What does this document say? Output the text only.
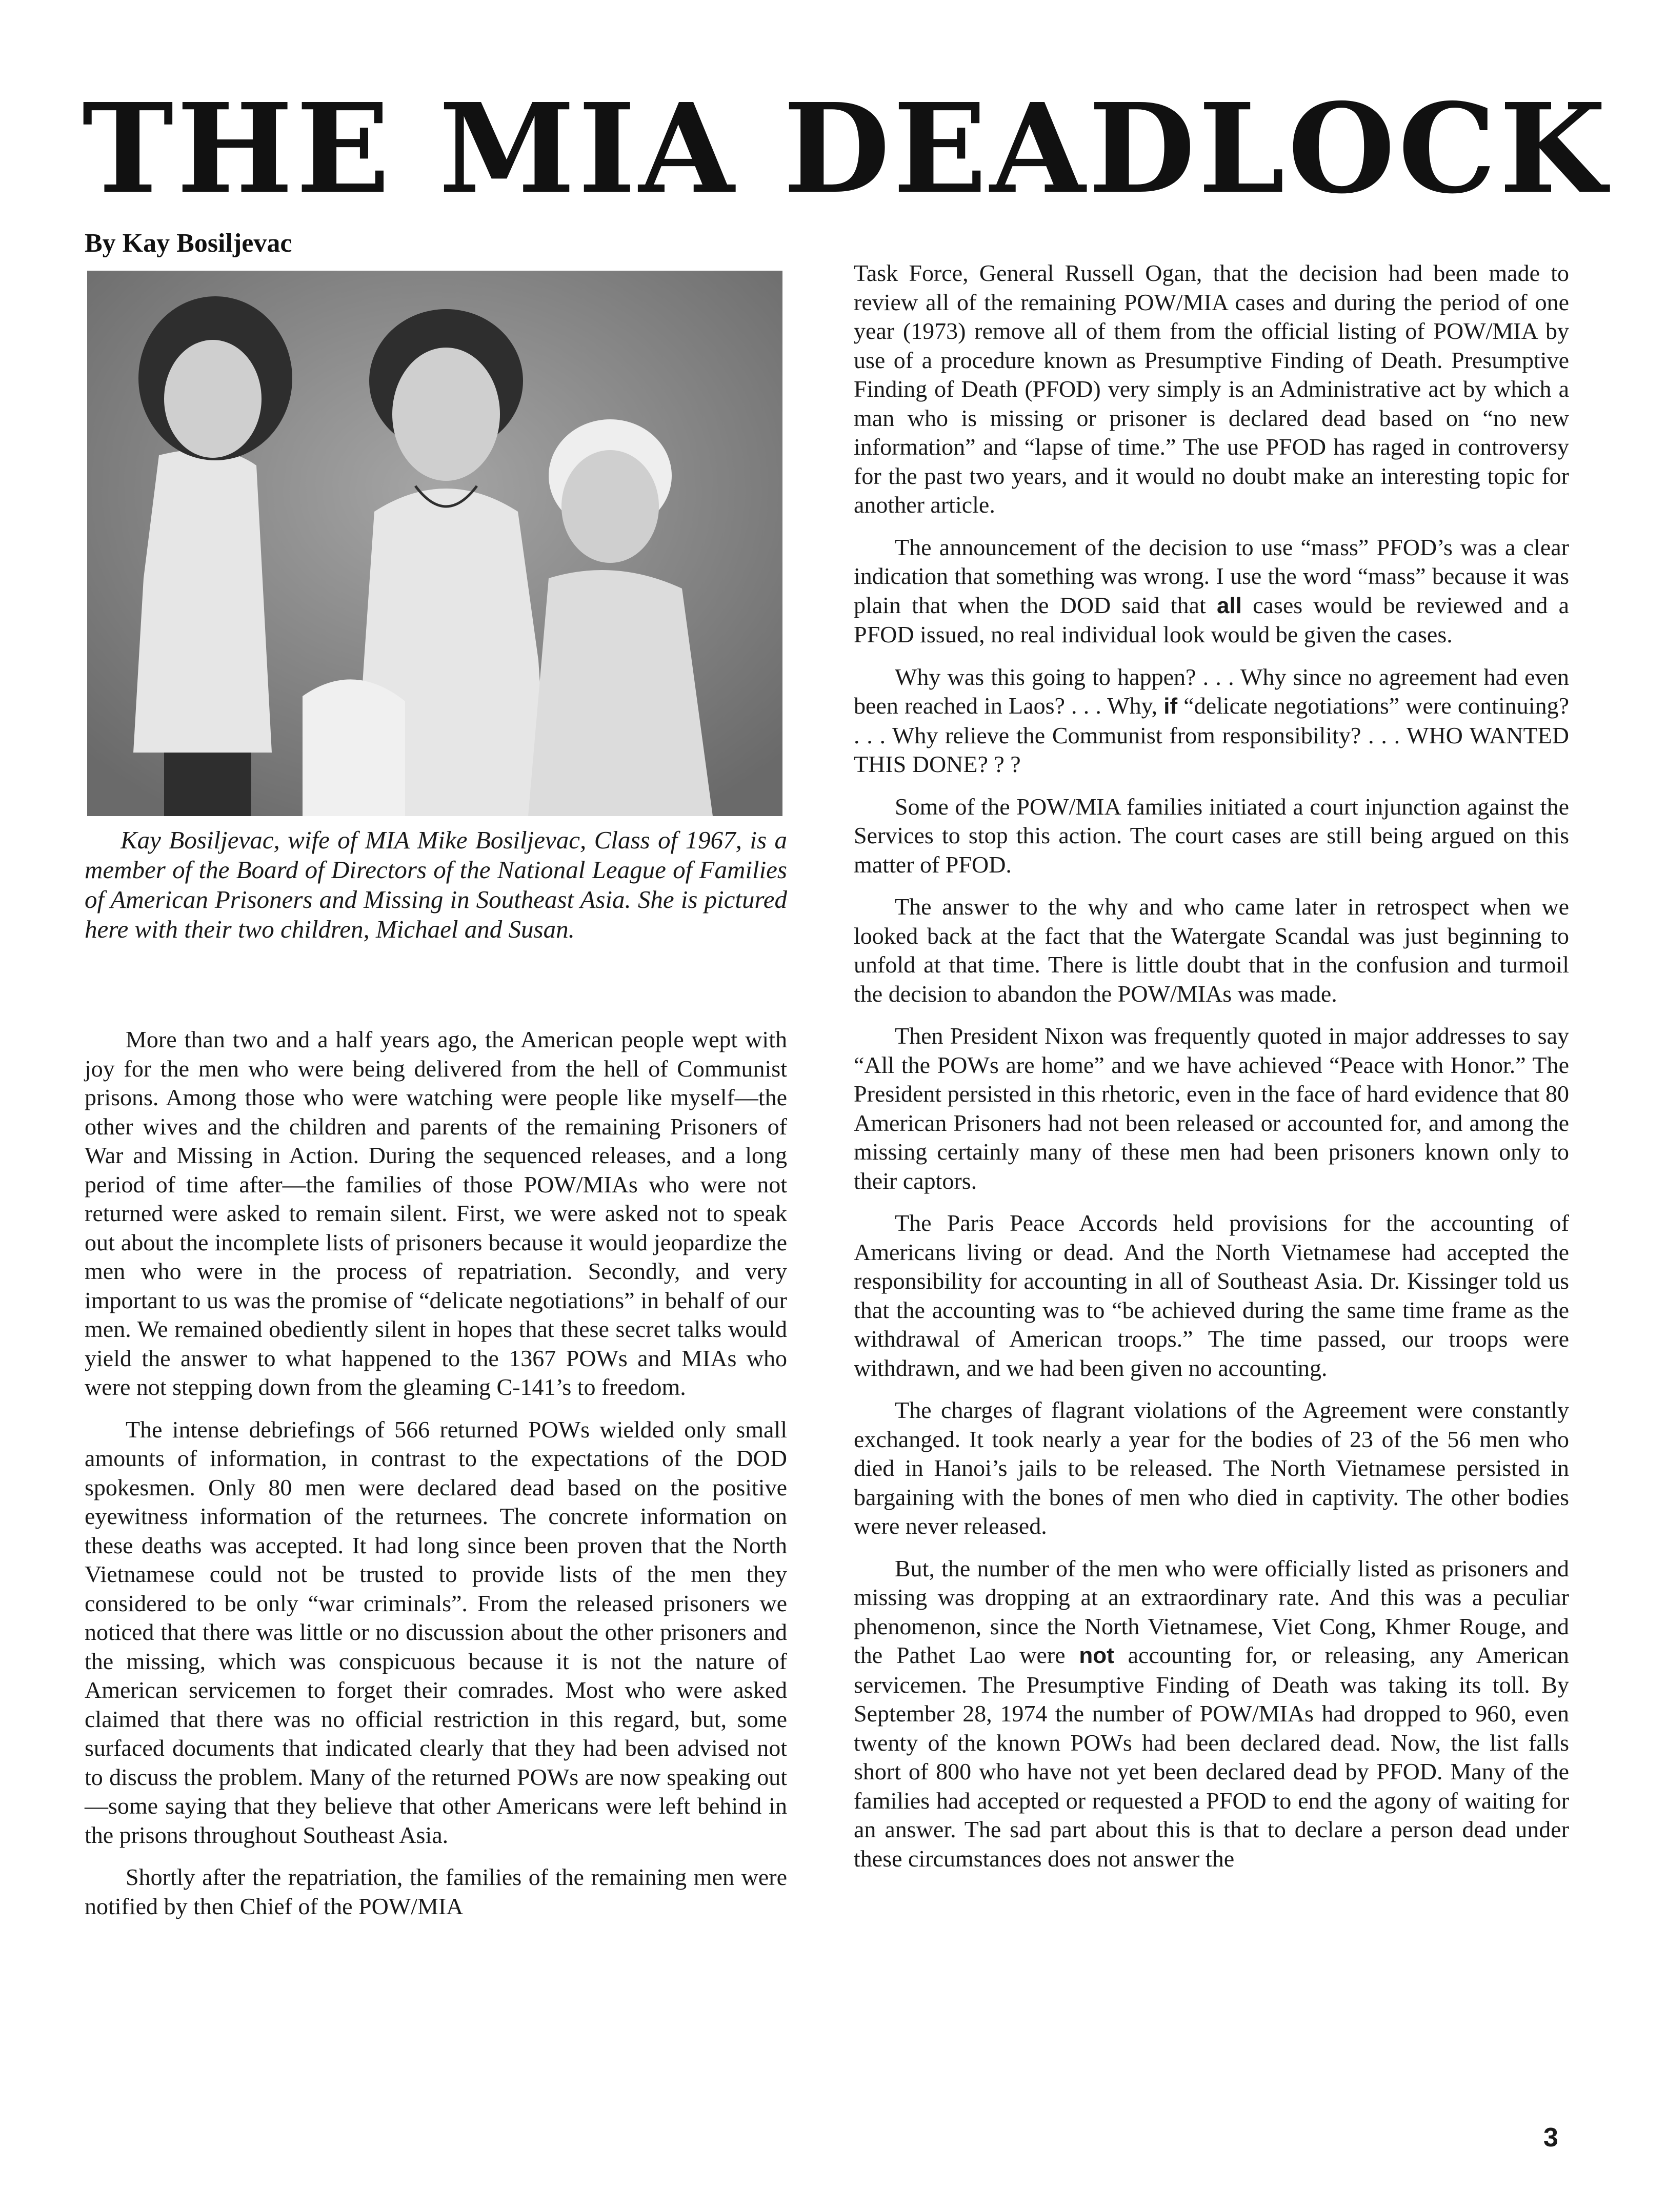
THE MIA DEADLOCK
By Kay Bosiljevac

Kay Bosiljevac, wife of MIA Mike Bosiljevac, Class of 1967, is a member of the Board of Directors of the National League of Families of American Prisoners and Missing in Southeast Asia. She is pictured here with their two children, Michael and Susan.

More than two and a half years ago, the American people wept with joy for the men who were being delivered from the hell of Communist prisons. Among those who were watching were people like myself—the other wives and the children and parents of the remaining Prisoners of War and Missing in Action. During the sequenced releases, and a long period of time after—the families of those POW/MIAs who were not returned were asked to remain silent. First, we were asked not to speak out about the incomplete lists of prisoners because it would jeopardize the men who were in the process of repatriation. Secondly, and very important to us was the promise of “delicate negotiations” in behalf of our men. We remained obediently silent in hopes that these secret talks would yield the answer to what happened to the 1367 POWs and MIAs who were not stepping down from the gleaming C-141’s to freedom.

The intense debriefings of 566 returned POWs wielded only small amounts of information, in contrast to the expectations of the DOD spokesmen. Only 80 men were declared dead based on the positive eyewitness information of the returnees. The concrete information on these deaths was accepted. It had long since been proven that the North Vietnamese could not be trusted to provide lists of the men they considered to be only “war criminals”. From the released prisoners we noticed that there was little or no discussion about the other prisoners and the missing, which was conspicuous because it is not the nature of American servicemen to forget their comrades. Most who were asked claimed that there was no official restriction in this regard, but, some surfaced documents that indicated clearly that they had been advised not to discuss the problem. Many of the returned POWs are now speaking out—some saying that they believe that other Americans were left behind in the prisons throughout Southeast Asia.

Shortly after the repatriation, the families of the remaining men were notified by then Chief of the POW/MIA

Task Force, General Russell Ogan, that the decision had been made to review all of the remaining POW/MIA cases and during the period of one year (1973) remove all of them from the official listing of POW/MIA by use of a procedure known as Presumptive Finding of Death. Presumptive Finding of Death (PFOD) very simply is an Administrative act by which a man who is missing or prisoner is declared dead based on “no new information” and “lapse of time.” The use PFOD has raged in controversy for the past two years, and it would no doubt make an interesting topic for another article.

The announcement of the decision to use “mass” PFOD’s was a clear indication that something was wrong. I use the word “mass” because it was plain that when the DOD said that all cases would be reviewed and a PFOD issued, no real individual look would be given the cases.

Why was this going to happen? . . . Why since no agreement had even been reached in Laos? . . . Why, if “delicate negotiations” were continuing? . . . Why relieve the Communist from responsibility? . . . WHO WANTED THIS DONE? ? ?

Some of the POW/MIA families initiated a court injunction against the Services to stop this action. The court cases are still being argued on this matter of PFOD.

The answer to the why and who came later in retrospect when we looked back at the fact that the Watergate Scandal was just beginning to unfold at that time. There is little doubt that in the confusion and turmoil the decision to abandon the POW/MIAs was made.

Then President Nixon was frequently quoted in major addresses to say “All the POWs are home” and we have achieved “Peace with Honor.” The President persisted in this rhetoric, even in the face of hard evidence that 80 American Prisoners had not been released or accounted for, and among the missing certainly many of these men had been prisoners known only to their captors.

The Paris Peace Accords held provisions for the accounting of Americans living or dead. And the North Vietnamese had accepted the responsibility for accounting in all of Southeast Asia. Dr. Kissinger told us that the accounting was to “be achieved during the same time frame as the withdrawal of American troops.” The time passed, our troops were withdrawn, and we had been given no accounting.

The charges of flagrant violations of the Agreement were constantly exchanged. It took nearly a year for the bodies of 23 of the 56 men who died in Hanoi’s jails to be released. The North Vietnamese persisted in bargaining with the bones of men who died in captivity. The other bodies were never released.

But, the number of the men who were officially listed as prisoners and missing was dropping at an extraordinary rate. And this was a peculiar phenomenon, since the North Vietnamese, Viet Cong, Khmer Rouge, and the Pathet Lao were not accounting for, or releasing, any American servicemen. The Presumptive Finding of Death was taking its toll. By September 28, 1974 the number of POW/MIAs had dropped to 960, even twenty of the known POWs had been declared dead. Now, the list falls short of 800 who have not yet been declared dead by PFOD. Many of the families had accepted or requested a PFOD to end the agony of waiting for an answer. The sad part about this is that to declare a person dead under these circumstances does not answer the

3
